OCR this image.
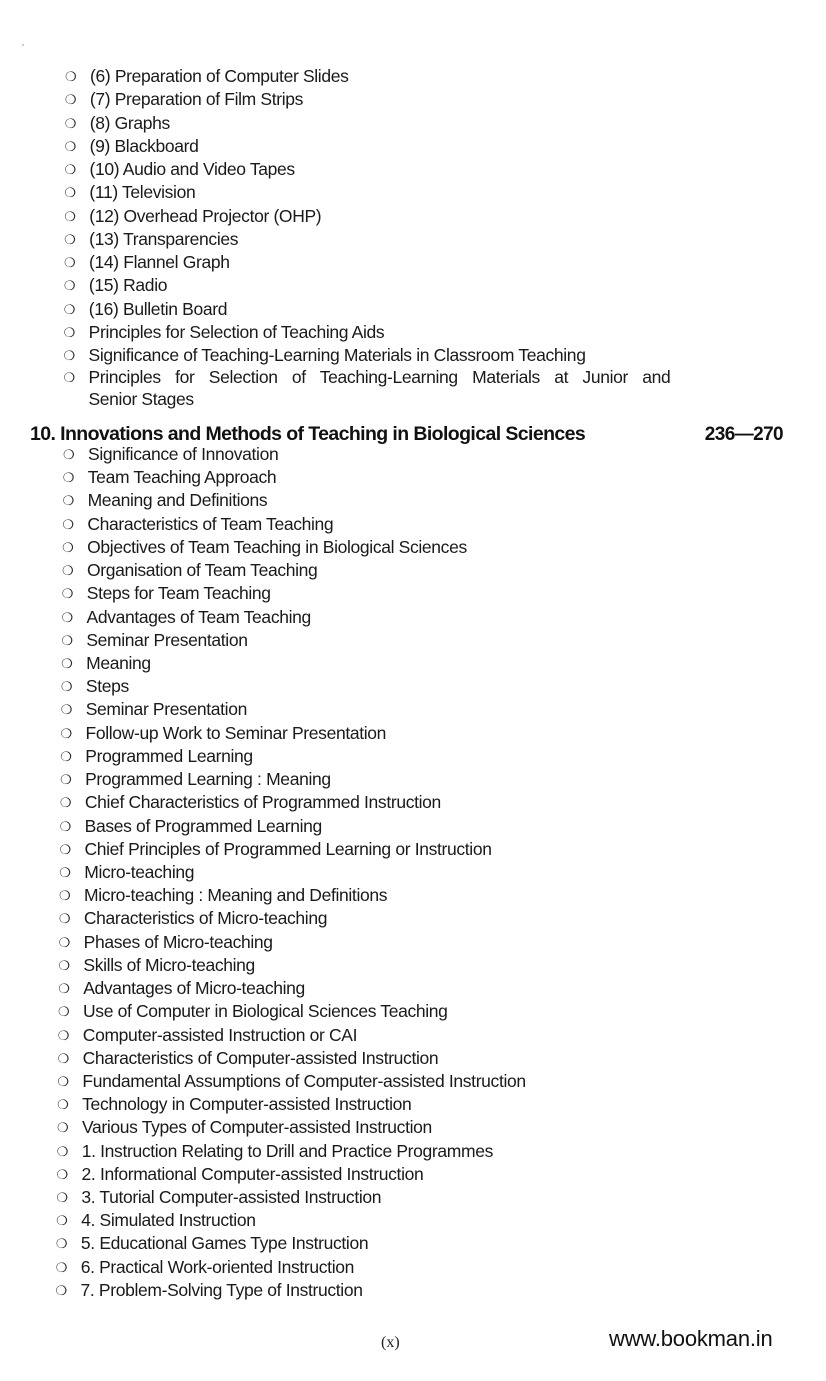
❍ (6) Preparation of Computer Slides
❍ (7) Preparation of Film Strips
❍ (8) Graphs
❍ (9) Blackboard
❍ (10) Audio and Video Tapes
❍ (11) Television
❍ (12) Overhead Projector (OHP)
❍ (13) Transparencies
❍ (14) Flannel Graph
❍ (15) Radio
❍ (16) Bulletin Board
❍ Principles for Selection of Teaching Aids
❍ Significance of Teaching-Learning Materials in Classroom Teaching
❍ Principles for Selection of Teaching-Learning Materials at Junior and
Senior Stages
10. Innovations and Methods of Teaching in Biological Sciences	236—270
❍ Significance of Innovation
❍ Team Teaching Approach
❍ Meaning and Definitions
❍ Characteristics of Team Teaching
❍ Objectives of Team Teaching in Biological Sciences
❍ Organisation of Team Teaching
❍ Steps for Team Teaching
❍ Advantages of Team Teaching
❍ Seminar Presentation
❍ Meaning
❍ Steps
❍ Seminar Presentation
❍ Follow-up Work to Seminar Presentation
❍ Programmed Learning
❍ Programmed Learning : Meaning
❍ Chief Characteristics of Programmed Instruction
❍ Bases of Programmed Learning
❍ Chief Principles of Programmed Learning or Instruction
❍ Micro-teaching
❍ Micro-teaching : Meaning and Definitions
❍ Characteristics of Micro-teaching
❍ Phases of Micro-teaching
❍ Skills of Micro-teaching
❍ Advantages of Micro-teaching
❍ Use of Computer in Biological Sciences Teaching
❍ Computer-assisted Instruction or CAI
❍ Characteristics of Computer-assisted Instruction
❍ Fundamental Assumptions of Computer-assisted Instruction
❍ Technology in Computer-assisted Instruction
❍ Various Types of Computer-assisted Instruction
❍ 1. Instruction Relating to Drill and Practice Programmes
❍ 2. Informational Computer-assisted Instruction
❍ 3. Tutorial Computer-assisted Instruction
❍ 4. Simulated Instruction
❍ 5. Educational Games Type Instruction
❍ 6. Practical Work-oriented Instruction
❍ 7. Problem-Solving Type of Instruction
(x)	www.bookman.in
